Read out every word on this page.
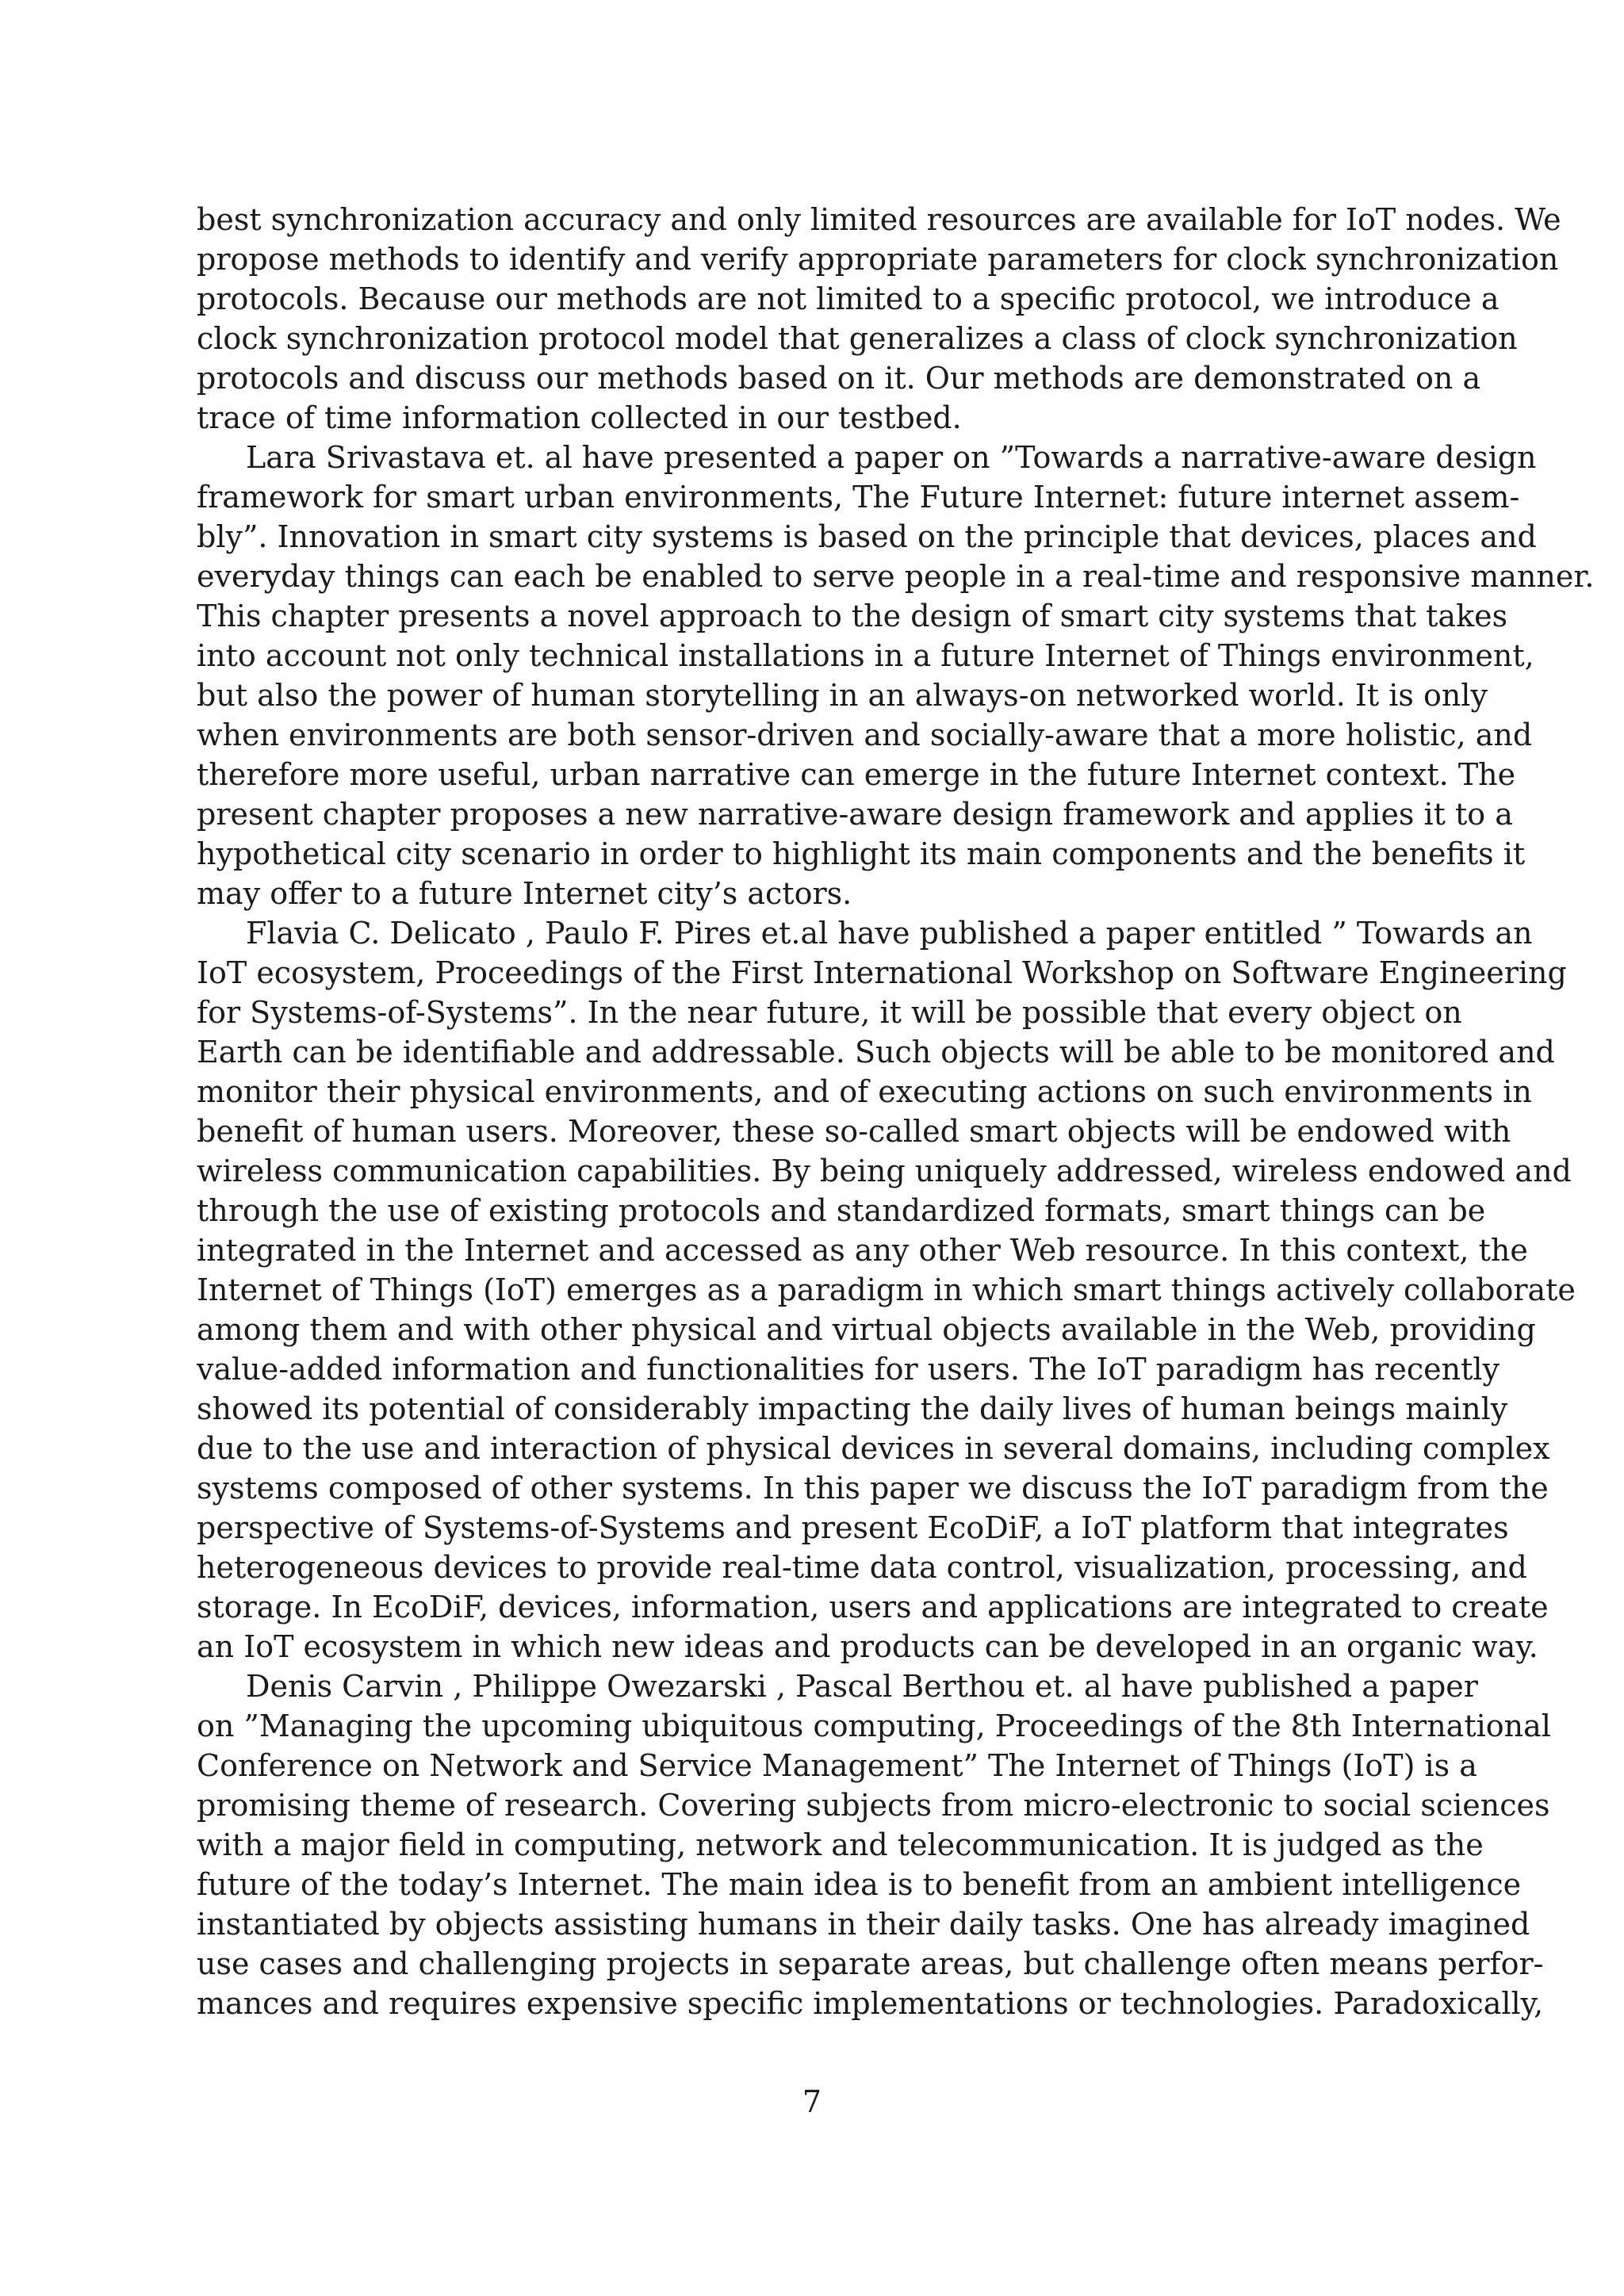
best synchronization accuracy and only limited resources are available for IoT nodes. We
propose methods to identify and verify appropriate parameters for clock synchronization
protocols. Because our methods are not limited to a specific protocol, we introduce a
clock synchronization protocol model that generalizes a class of clock synchronization
protocols and discuss our methods based on it. Our methods are demonstrated on a
trace of time information collected in our testbed.
Lara Srivastava et. al have presented a paper on ”Towards a narrative-aware design
framework for smart urban environments, The Future Internet: future internet assem-
bly”. Innovation in smart city systems is based on the principle that devices, places and
everyday things can each be enabled to serve people in a real-time and responsive manner.
This chapter presents a novel approach to the design of smart city systems that takes
into account not only technical installations in a future Internet of Things environment,
but also the power of human storytelling in an always-on networked world. It is only
when environments are both sensor-driven and socially-aware that a more holistic, and
therefore more useful, urban narrative can emerge in the future Internet context. The
present chapter proposes a new narrative-aware design framework and applies it to a
hypothetical city scenario in order to highlight its main components and the benefits it
may offer to a future Internet city’s actors.
Flavia C. Delicato , Paulo F. Pires et.al have published a paper entitled ” Towards an
IoT ecosystem, Proceedings of the First International Workshop on Software Engineering
for Systems-of-Systems”. In the near future, it will be possible that every object on
Earth can be identifiable and addressable. Such objects will be able to be monitored and
monitor their physical environments, and of executing actions on such environments in
benefit of human users. Moreover, these so-called smart objects will be endowed with
wireless communication capabilities. By being uniquely addressed, wireless endowed and
through the use of existing protocols and standardized formats, smart things can be
integrated in the Internet and accessed as any other Web resource. In this context, the
Internet of Things (IoT) emerges as a paradigm in which smart things actively collaborate
among them and with other physical and virtual objects available in the Web, providing
value-added information and functionalities for users. The IoT paradigm has recently
showed its potential of considerably impacting the daily lives of human beings mainly
due to the use and interaction of physical devices in several domains, including complex
systems composed of other systems. In this paper we discuss the IoT paradigm from the
perspective of Systems-of-Systems and present EcoDiF, a IoT platform that integrates
heterogeneous devices to provide real-time data control, visualization, processing, and
storage. In EcoDiF, devices, information, users and applications are integrated to create
an IoT ecosystem in which new ideas and products can be developed in an organic way.
Denis Carvin , Philippe Owezarski , Pascal Berthou et. al have published a paper
on ”Managing the upcoming ubiquitous computing, Proceedings of the 8th International
Conference on Network and Service Management” The Internet of Things (IoT) is a
promising theme of research. Covering subjects from micro-electronic to social sciences
with a major field in computing, network and telecommunication. It is judged as the
future of the today’s Internet. The main idea is to benefit from an ambient intelligence
instantiated by objects assisting humans in their daily tasks. One has already imagined
use cases and challenging projects in separate areas, but challenge often means perfor-
mances and requires expensive specific implementations or technologies. Paradoxically,
7
